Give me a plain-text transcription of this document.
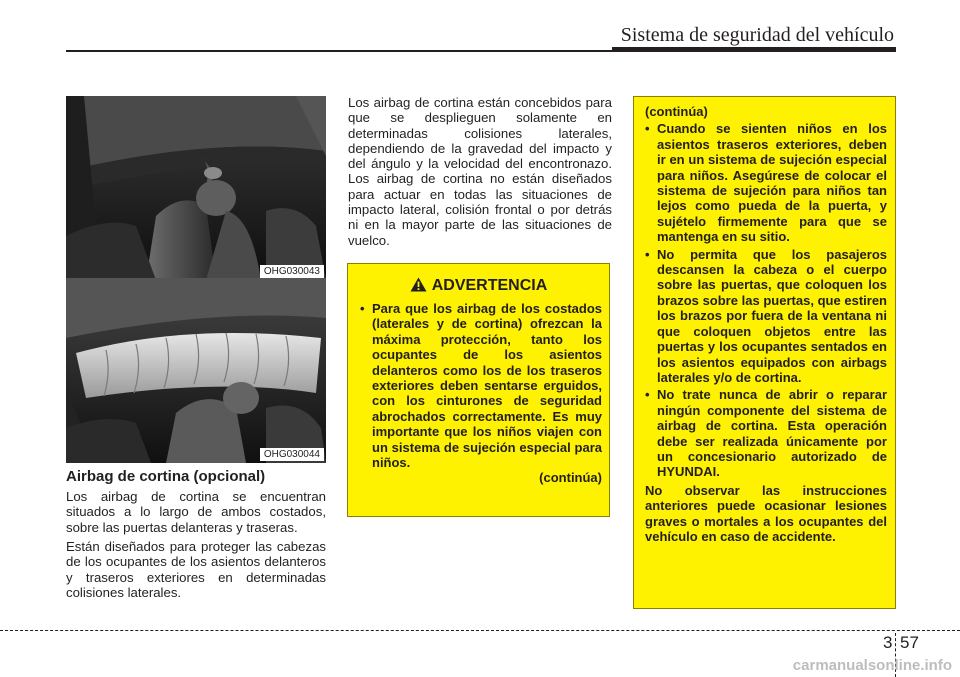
Sistema de seguridad del vehículo
OHG030043
OHG030044
Airbag de cortina (opcional)
Los airbag de cortina se encuentran situados a lo largo de ambos costados, sobre las puertas delanteras y traseras.
Están diseñados para proteger las cabezas de los ocupantes de los asientos delanteros y traseros exteriores en determinadas colisiones laterales.
Los airbag de cortina están concebidos para que se desplieguen solamente en determinadas colisiones laterales, dependiendo de la gravedad del impacto y del ángulo y la velocidad del encontronazo. Los airbag de cortina no están diseñados para actuar en todas las situaciones de impacto lateral, colisión frontal o por detrás ni en la mayor parte de las situaciones de vuelco.
ADVERTENCIA
• Para que los airbag de los costados (laterales y de cortina) ofrezcan la máxima protección, tanto los ocupantes de los asientos delanteros como los de los traseros exteriores deben sentarse erguidos, con los cinturones de seguridad abrochados correctamente. Es muy importante que los niños viajen con un sistema de sujeción especial para niños.
(continúa)
(continúa)
• Cuando se sienten niños en los asientos traseros exteriores, deben ir en un sistema de sujeción especial para niños. Asegúrese de colocar el sistema de sujeción para niños tan lejos como pueda de la puerta, y sujételo firmemente para que se mantenga en su sitio.
• No permita que los pasajeros descansen la cabeza o el cuerpo sobre las puertas, que coloquen los brazos sobre las puertas, que estiren los brazos por fuera de la ventana ni que coloquen objetos entre las puertas y los ocupantes sentados en los asientos equipados con airbags laterales y/o de cortina.
• No trate nunca de abrir o reparar ningún componente del sistema de airbag de cortina. Esta operación debe ser realizada únicamente por un concesionario autorizado de HYUNDAI.
No observar las instrucciones anteriores puede ocasionar lesiones graves o mortales a los ocupantes del vehículo en caso de accidente.
3 57
carmanualsonline.info
